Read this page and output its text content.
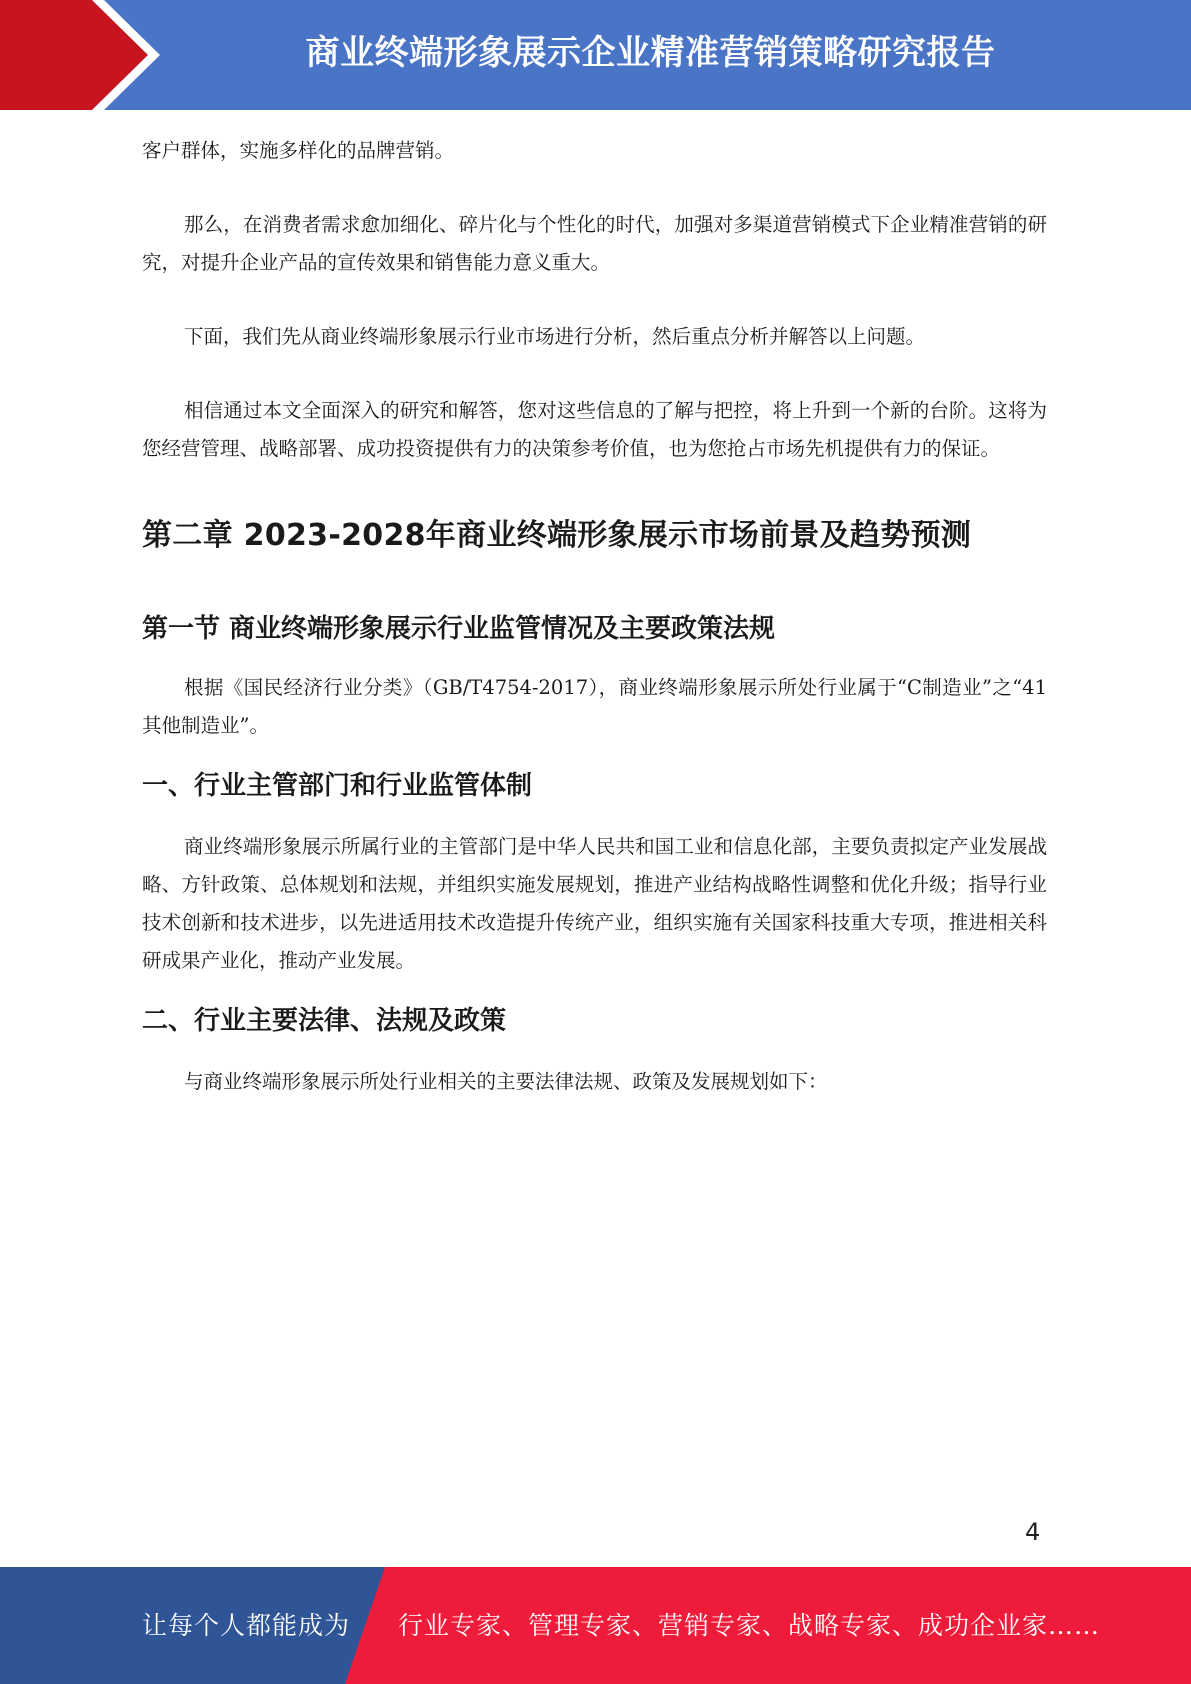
商业终端形象展示企业精准营销策略研究报告

客户群体，实施多样化的品牌营销。

那么，在消费者需求愈加细化、碎片化与个性化的时代，加强对多渠道营销模式下企业精准营销的研究，对提升企业产品的宣传效果和销售能力意义重大。

下面，我们先从商业终端形象展示行业市场进行分析，然后重点分析并解答以上问题。

相信通过本文全面深入的研究和解答，您对这些信息的了解与把控，将上升到一个新的台阶。这将为您经营管理、战略部署、成功投资提供有力的决策参考价值，也为您抢占市场先机提供有力的保证。

第二章 2023-2028年商业终端形象展示市场前景及趋势预测
第一节 商业终端形象展示行业监管情况及主要政策法规

根据《国民经济行业分类》（GB/T4754-2017），商业终端形象展示所处行业属于“C制造业”之“41其他制造业”。

一、行业主管部门和行业监管体制

商业终端形象展示所属行业的主管部门是中华人民共和国工业和信息化部，主要负责拟定产业发展战略、方针政策、总体规划和法规，并组织实施发展规划，推进产业结构战略性调整和优化升级；指导行业技术创新和技术进步，以先进适用技术改造提升传统产业，组织实施有关国家科技重大专项，推进相关科研成果产业化，推动产业发展。

二、行业主要法律、法规及政策

与商业终端形象展示所处行业相关的主要法律法规、政策及发展规划如下：

4
让每个人都能成为 行业专家、管理专家、营销专家、战略专家、成功企业家……
